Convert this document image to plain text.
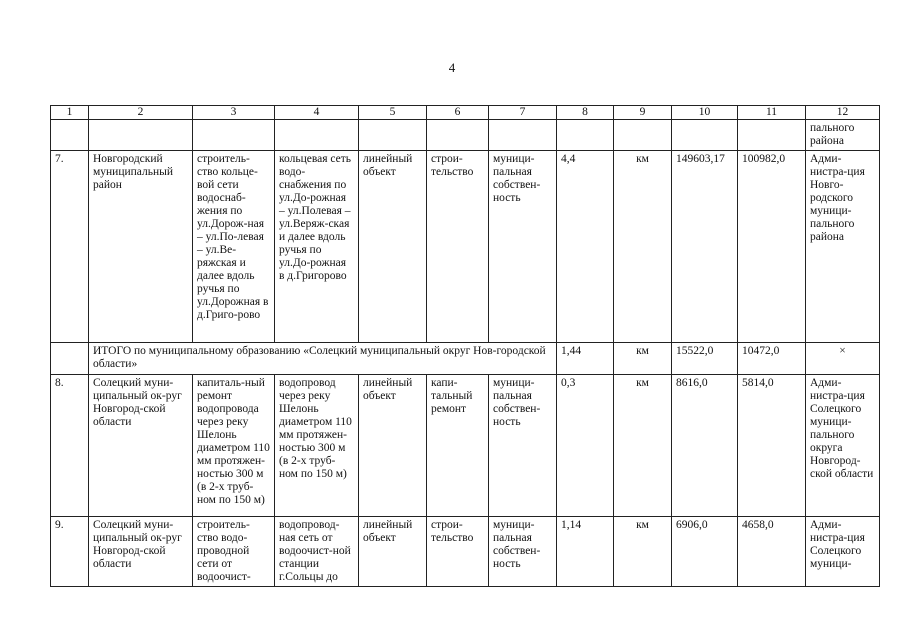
4
1	2	3	4	5	6	7	8	9	10	11	12
											пального района
7.	Новгородский муниципальный район	строитель-ство кольце-вой сети водоснаб-жения по ул.Дорож-ная – ул.По-левая – ул.Ве-ряжская и далее вдоль ручья по ул.Дорожная в д.Григо-рово	кольцевая сеть водо-снабжения по ул.До-рожная – ул.Полевая – ул.Веряж-ская и далее вдоль ручья по ул.До-рожная в д.Григорово	линейный объект	строи-тельство	муници-пальная собствен-ность	4,4	км	149603,17	100982,0	Адми-нистра-ция Новго-родского муници-пального района
	ИТОГО по муниципальному образованию «Солецкий муниципальный округ Нов-городской области»						1,44	км	15522,0	10472,0	×
8.	Солецкий муни-ципальный ок-руг Новгород-ской области	капиталь-ный ремонт водопровода через реку Шелонь диаметром 110 мм протяжен-ностью 300 м (в 2-х труб-ном по 150 м)	водопровод через реку Шелонь диаметром 110 мм протяжен-ностью 300 м (в 2-х труб-ном по 150 м)	линейный объект	капи-тальный ремонт	муници-пальная собствен-ность	0,3	км	8616,0	5814,0	Адми-нистра-ция Солецкого муници-пального округа Новгород-ской области
9.	Солецкий муни-ципальный ок-руг Новгород-ской области	строитель-ство водо-проводной сети от водоочист-	водопровод-ная сеть от водоочист-ной станции г.Сольцы до	линейный объект	строи-тельство	муници-пальная собствен-ность	1,14	км	6906,0	4658,0	Адми-нистра-ция Солецкого муници-
